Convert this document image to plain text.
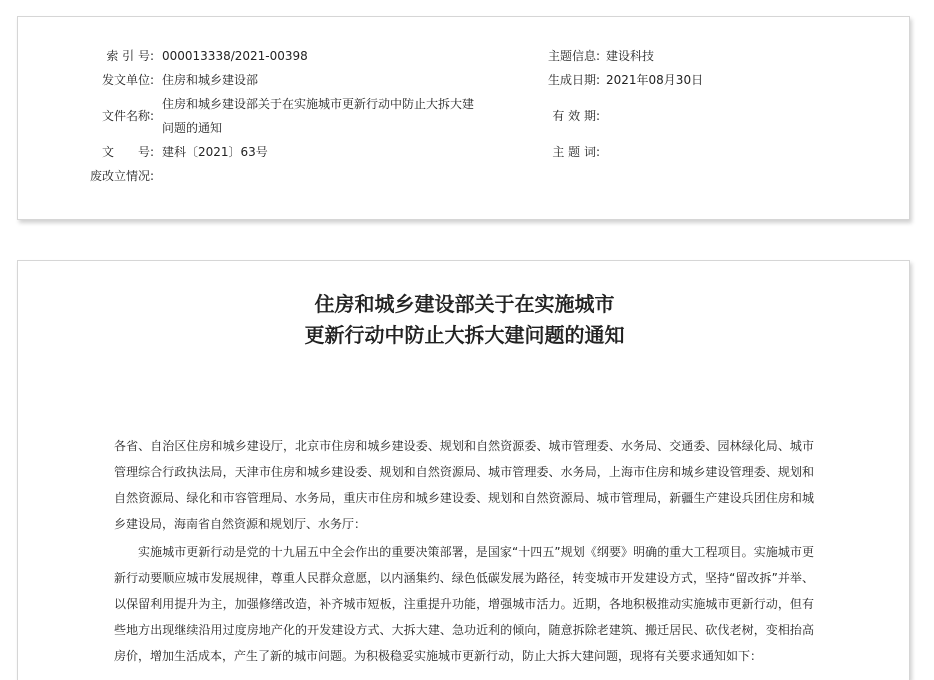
索 引 号: 000013338/2021-00398
发文单位: 住房和城乡建设部
文件名称:
住房和城乡建设部关于在实施城市更新行动中防止大拆大建问题的通知
文　　号: 建科〔2021〕63号
废改立情况:
主题信息: 建设科技
生成日期: 2021年08月30日
有 效 期:
主 题 词:
住房和城乡建设部关于在实施城市
更新行动中防止大拆大建问题的通知
各省、自治区住房和城乡建设厅，北京市住房和城乡建设委、规划和自然资源委、城市管理委、水务局、交通委、园林绿化局、城市管理综合行政执法局，天津市住房和城乡建设委、规划和自然资源局、城市管理委、水务局，上海市住房和城乡建设管理委、规划和自然资源局、绿化和市容管理局、水务局，重庆市住房和城乡建设委、规划和自然资源局、城市管理局，新疆生产建设兵团住房和城乡建设局，海南省自然资源和规划厅、水务厅：
实施城市更新行动是党的十九届五中全会作出的重要决策部署，是国家“十四五”规划《纲要》明确的重大工程项目。实施城市更新行动要顺应城市发展规律，尊重人民群众意愿，以内涵集约、绿色低碳发展为路径，转变城市开发建设方式，坚持“留改拆”并举、以保留利用提升为主，加强修缮改造，补齐城市短板，注重提升功能，增强城市活力。近期，各地积极推动实施城市更新行动，但有些地方出现继续沿用过度房地产化的开发建设方式、大拆大建、急功近利的倾向，随意拆除老建筑、搬迁居民、砍伐老树，变相抬高房价，增加生活成本，产生了新的城市问题。为积极稳妥实施城市更新行动，防止大拆大建问题，现将有关要求通知如下：
